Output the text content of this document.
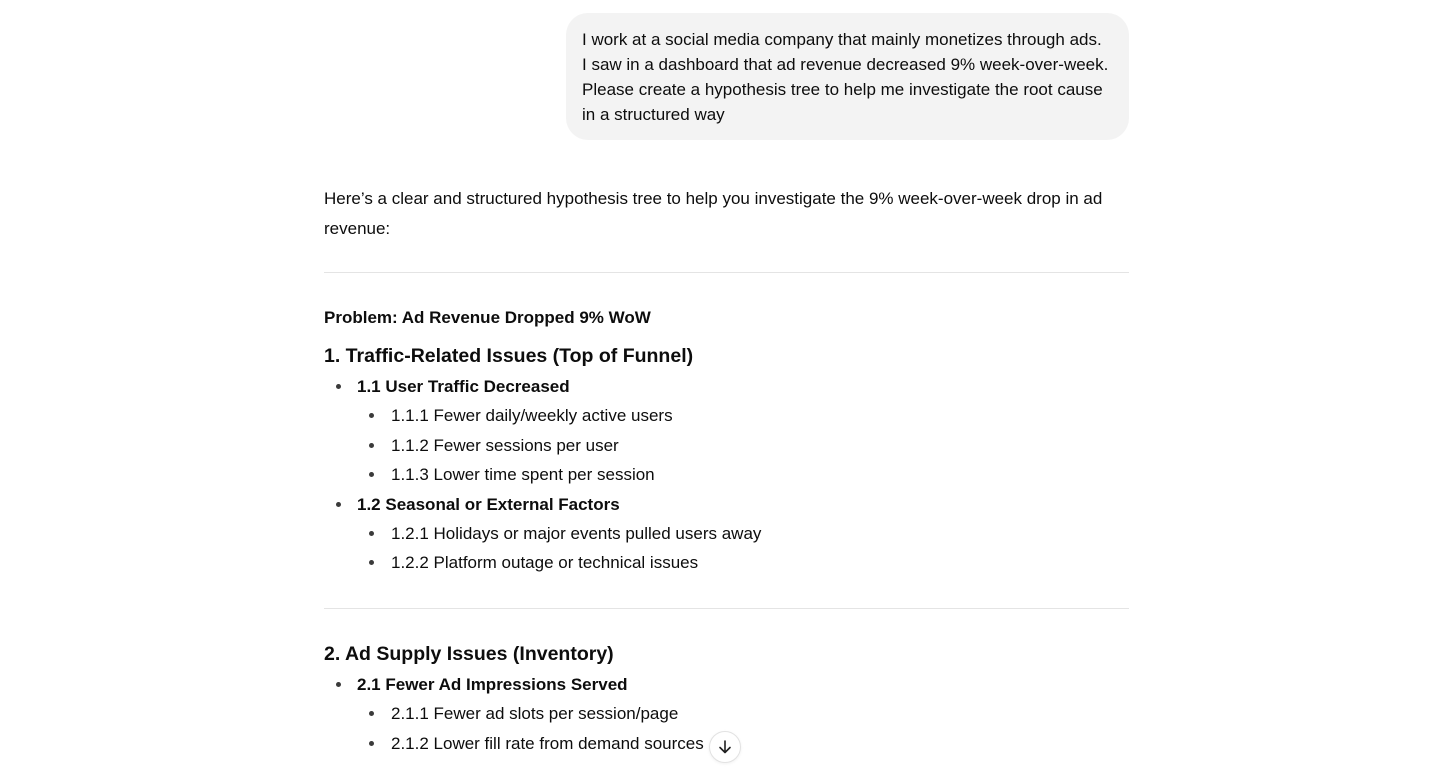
I work at a social media company that mainly monetizes through ads.

I saw in a dashboard that ad revenue decreased 9% week-over-week.

Please create a hypothesis tree to help me investigate the root cause

in a structured way

Here’s a clear and structured hypothesis tree to help you investigate the 9% week-over-week drop in ad revenue:

Problem: Ad Revenue Dropped 9% WoW

1. Traffic-Related Issues (Top of Funnel)
1.1 User Traffic Decreased
1.1.1 Fewer daily/weekly active users
1.1.2 Fewer sessions per user
1.1.3 Lower time spent per session
1.2 Seasonal or External Factors
1.2.1 Holidays or major events pulled users away
1.2.2 Platform outage or technical issues
2. Ad Supply Issues (Inventory)
2.1 Fewer Ad Impressions Served
2.1.1 Fewer ad slots per session/page
2.1.2 Lower fill rate from demand sources
